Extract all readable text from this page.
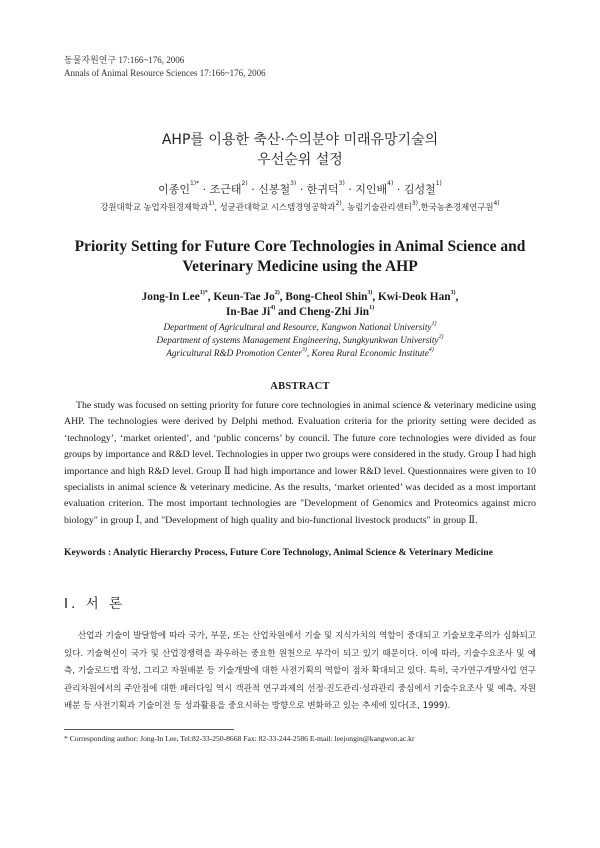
동물자원연구 17:166~176, 2006
Annals of Animal Resource Sciences 17:166~176, 2006
AHP를 이용한 축산·수의분야 미래유망기술의
우선순위 설정
이종인$^{1)*}$ · 조근태$^{2)}$ · 신봉철$^{3)}$ · 한귀덕$^{3)}$ · 지인배$^{4)}$ · 김성철$^{1)}$
강원대학교 농업자원경제학과$^{1)}$, 성균관대학교 시스템경영공학과$^{2)}$, 농림기술관리센터$^{3)}$,한국농촌경제연구원$^{4)}$
Priority Setting for Future Core Technologies in Animal Science and
Veterinary Medicine using the AHP
Jong-In Lee$^{1)*}$, Keun-Tae Jo$^{2)}$, Bong-Cheol Shin$^{3)}$, Kwi-Deok Han$^{3)}$,
In-Bae Ji$^{4)}$ and Cheng-Zhi Jin$^{1)}$
Department of Agricultural and Resource, Kangwon National University$^{1)}$
Department of systems Management Engineering, Sungkyunkwan University$^{2)}$
Agricultural R&D Promotion Center$^{3)}$, Korea Rural Economic Institute$^{4)}$
ABSTRACT

The study was focused on setting priority for future core technologies in animal science & veterinary medicine using AHP. The technologies were derived by Delphi method. Evaluation criteria for the priority setting were decided as ‘technology’, ‘market oriented’, and ‘public concerns’ by council. The future core technologies were divided as four groups by importance and R&D level. Technologies in upper two groups were considered in the study. Group Ⅰ had high importance and high R&D level. Group Ⅱ had high importance and lower R&D level. Questionnaires were given to 10 specialists in animal science & veterinary medicine. As the results, ‘market oriented’ was decided as a most important evaluation criterion. The most important technologies are "Development of Genomics and Proteomics against micro biology" in group Ⅰ, and "Development of high quality and bio-functional livestock products" in group Ⅱ.

Keywords : Analytic Hierarchy Process, Future Core Technology, Animal Science & Veterinary Medicine
Ⅰ. 서 론

산업과 기술이 발달함에 따라 국가, 부문, 또는 산업차원에서 기술 및 지식가치의 역할이 중대되고 기술보호주의가 심화되고 있다. 기술혁신이 국가 및 산업경쟁력을 좌우하는 중요한 원천으로 부각이 되고 있기 때문이다. 이에 따라, 기술수요조사 및 예측, 기술로드맵 작성, 그리고 자원배분 등 기술개발에 대한 사전기획의 역할이 점차 확대되고 있다. 특히, 국가연구개발사업 연구관리차원에서의 주안점에 대한 패러다임 역시 객관적 연구과제의 선정·진도관리·성과관리 중심에서 기술수요조사 및 예측, 자원배분 등 사전기획과 기술이전 등 성과활용을 중요시하는 방향으로 변화하고 있는 추세에 있다(조, 1999).

* Corresponding author: Jong-In Lee, Tel:82-33-250-8668 Fax: 82-33-244-2586 E-mail: leejongin@kangwon.ac.kr
